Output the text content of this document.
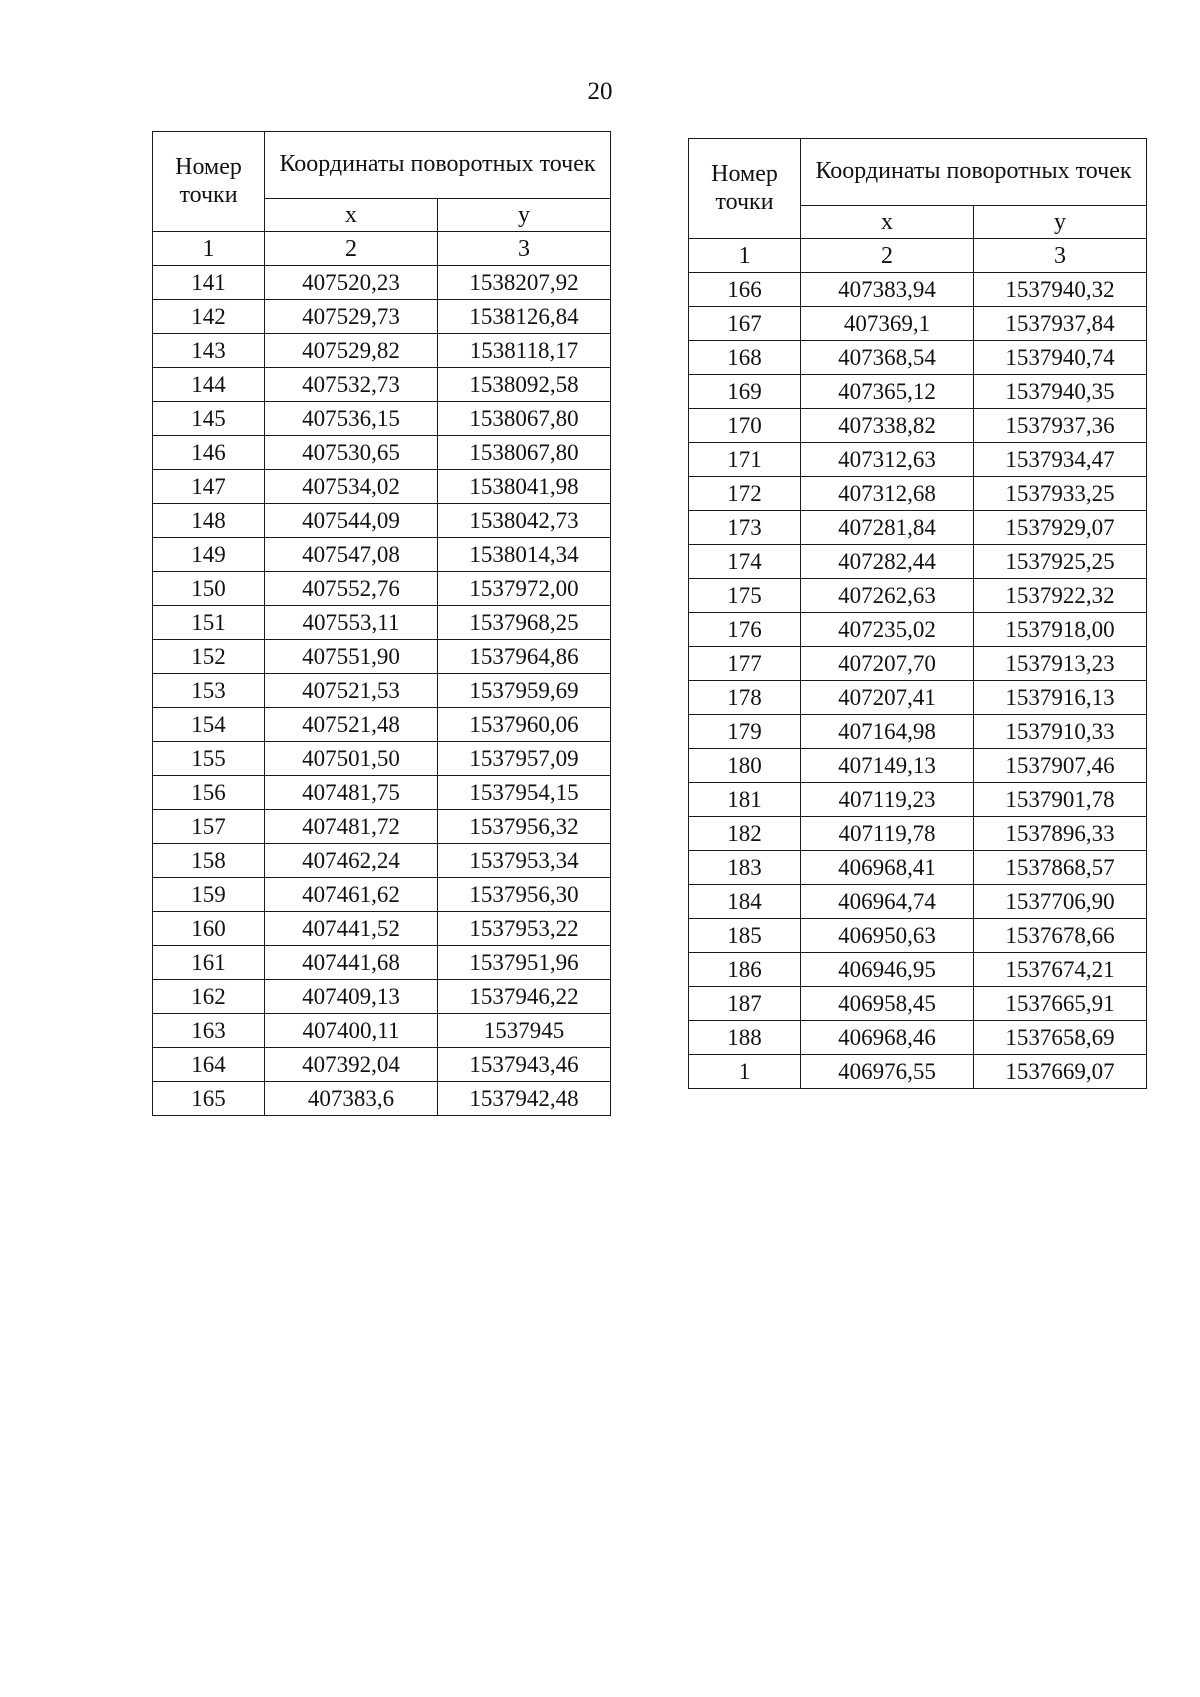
20
Номер точки	Координаты поворотных точек	
	x	y
1	2	3
141	407520,23	1538207,92
142	407529,73	1538126,84
143	407529,82	1538118,17
144	407532,73	1538092,58
145	407536,15	1538067,80
146	407530,65	1538067,80
147	407534,02	1538041,98
148	407544,09	1538042,73
149	407547,08	1538014,34
150	407552,76	1537972,00
151	407553,11	1537968,25
152	407551,90	1537964,86
153	407521,53	1537959,69
154	407521,48	1537960,06
155	407501,50	1537957,09
156	407481,75	1537954,15
157	407481,72	1537956,32
158	407462,24	1537953,34
159	407461,62	1537956,30
160	407441,52	1537953,22
161	407441,68	1537951,96
162	407409,13	1537946,22
163	407400,11	1537945
164	407392,04	1537943,46
165	407383,6	1537942,48
Номер точки	Координаты поворотных точек	
	x	y
1	2	3
166	407383,94	1537940,32
167	407369,1	1537937,84
168	407368,54	1537940,74
169	407365,12	1537940,35
170	407338,82	1537937,36
171	407312,63	1537934,47
172	407312,68	1537933,25
173	407281,84	1537929,07
174	407282,44	1537925,25
175	407262,63	1537922,32
176	407235,02	1537918,00
177	407207,70	1537913,23
178	407207,41	1537916,13
179	407164,98	1537910,33
180	407149,13	1537907,46
181	407119,23	1537901,78
182	407119,78	1537896,33
183	406968,41	1537868,57
184	406964,74	1537706,90
185	406950,63	1537678,66
186	406946,95	1537674,21
187	406958,45	1537665,91
188	406968,46	1537658,69
1	406976,55	1537669,07
